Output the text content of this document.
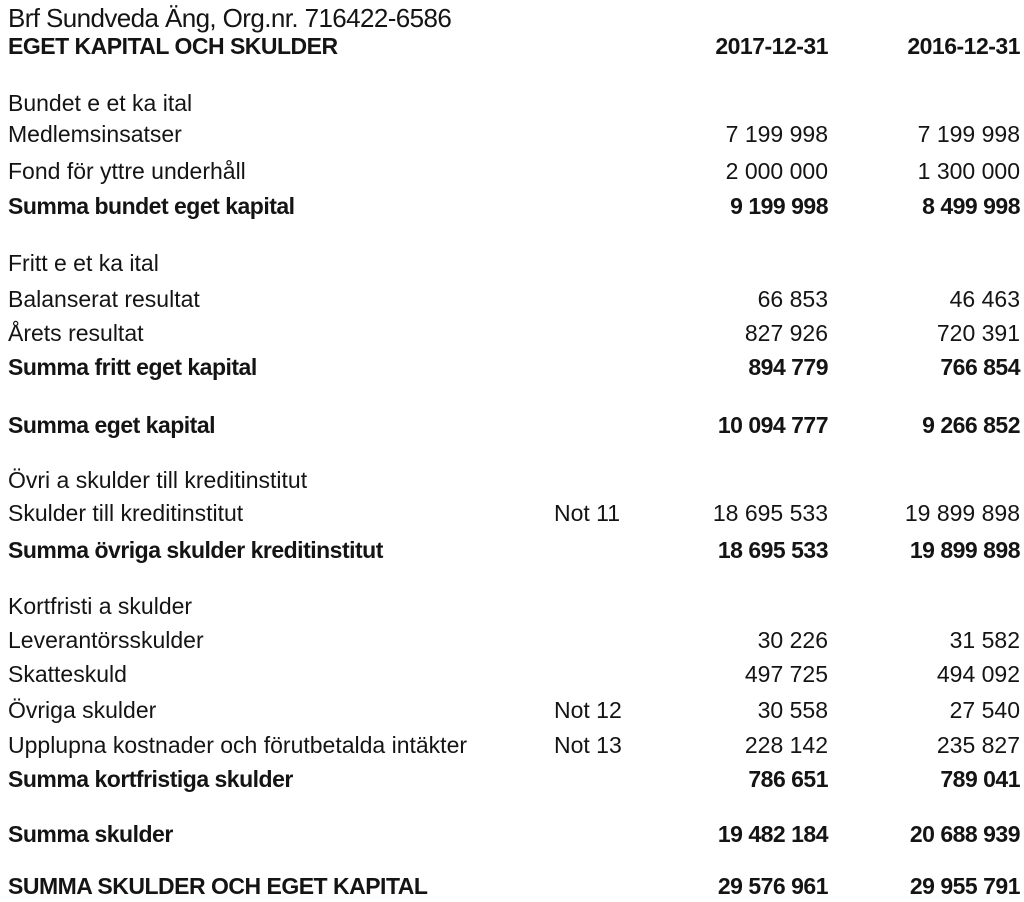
Brf Sundveda Äng, Org.nr. 716422-6586
EGET KAPITAL OCH SKULDER	2017-12-31	2016-12-31
Bundet e et ka ital
Medlemsinsatser	7 199 998	7 199 998
Fond för yttre underhåll	2 000 000	1 300 000
Summa bundet eget kapital	9 199 998	8 499 998
Fritt e et ka ital
Balanserat resultat	66 853	46 463
Årets resultat	827 926	720 391
Summa fritt eget kapital	894 779	766 854
Summa eget kapital	10 094 777	9 266 852
Övri a skulder till kreditinstitut
Skulder till kreditinstitut	Not 11	18 695 533	19 899 898
Summa övriga skulder kreditinstitut	18 695 533	19 899 898
Kortfristi a skulder
Leverantörsskulder	30 226	31 582
Skatteskuld	497 725	494 092
Övriga skulder	Not 12	30 558	27 540
Upplupna kostnader och förutbetalda intäkter	Not 13	228 142	235 827
Summa kortfristiga skulder	786 651	789 041
Summa skulder	19 482 184	20 688 939
SUMMA SKULDER OCH EGET KAPITAL	29 576 961	29 955 791
